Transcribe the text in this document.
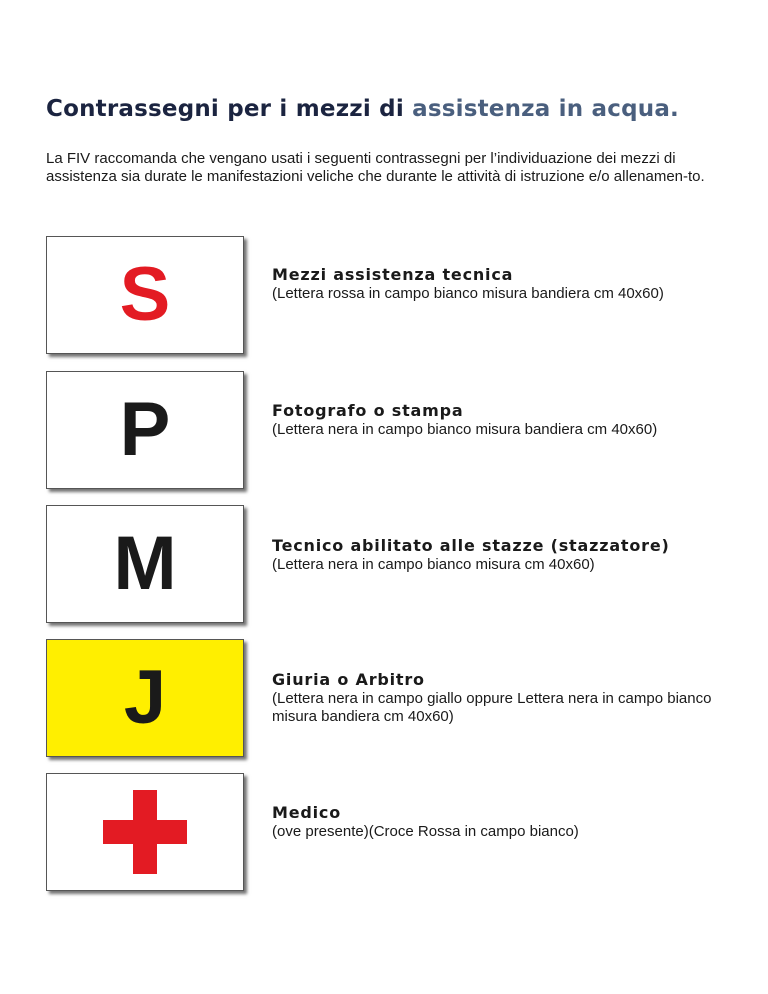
Contrassegni per i mezzi di assistenza in acqua.

La FIV raccomanda che vengano usati i seguenti contrassegni per l’individuazione dei mezzi di assistenza sia durate le manifestazioni veliche che durante le attività di istruzione e/o allenamen-to.

S	Mezzi assistenza tecnica
(Lettera rossa in campo bianco misura bandiera cm 40x60)
P	Fotografo o stampa
(Lettera nera in campo bianco misura bandiera cm 40x60)
M	Tecnico abilitato alle stazze (stazzatore)
(Lettera nera in campo bianco misura cm 40x60)
J	Giuria o Arbitro
(Lettera nera in campo giallo oppure Lettera nera in campo bianco misura bandiera cm 40x60)
Medico
(ove presente)(Croce Rossa in campo bianco)
